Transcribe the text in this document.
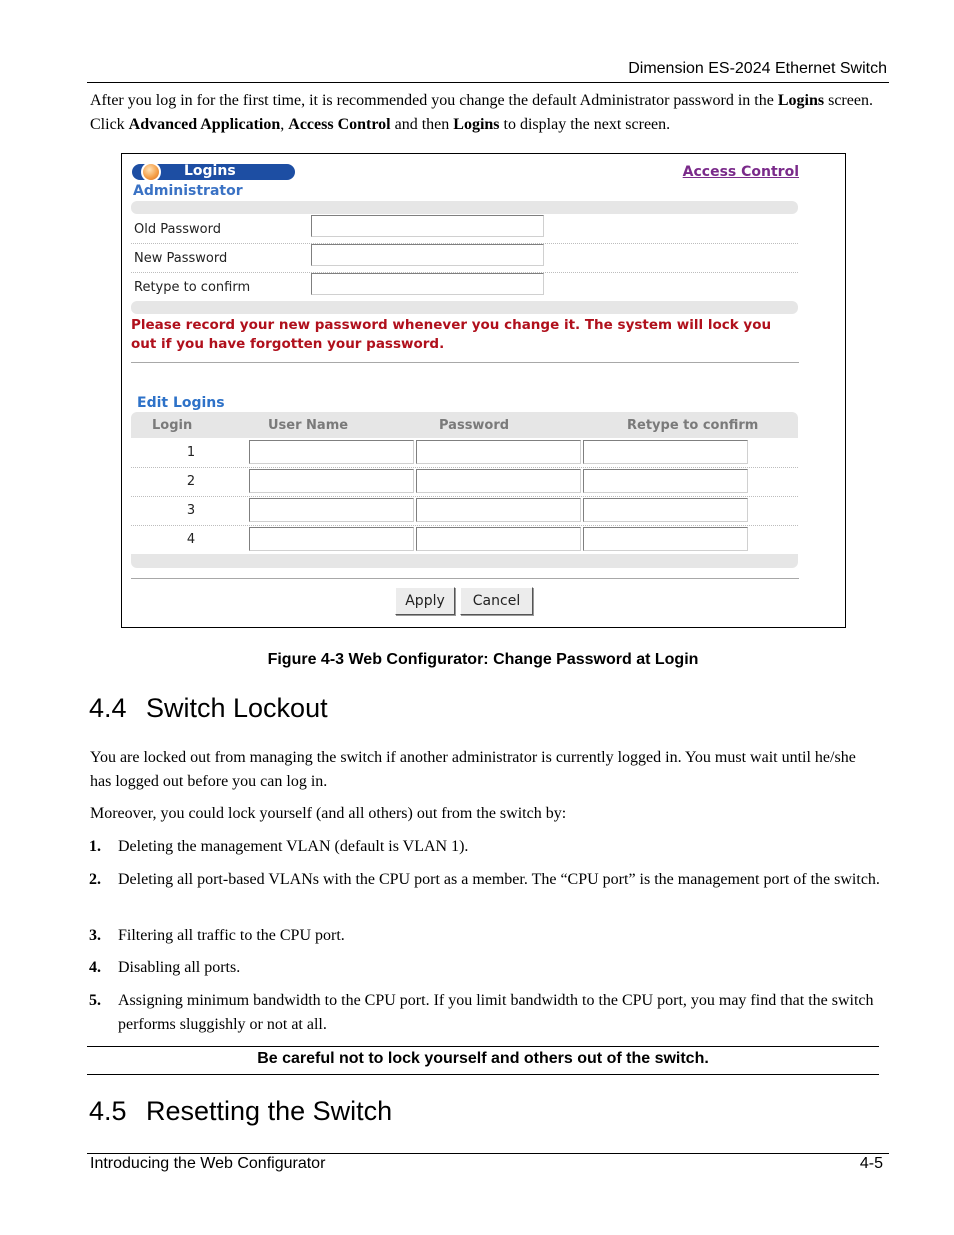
Dimension ES-2024 Ethernet Switch
After you log in for the first time, it is recommended you change the default Administrator password in the Logins screen. Click Advanced Application, Access Control and then Logins to display the next screen.
Logins
Administrator
Access Control
Old Password
New Password
Retype to confirm
Please record your new password whenever you change it. The system will lock you out if you have forgotten your password.
Edit Logins
Login	User Name	Password	Retype to confirm
1
2
3
4
Apply	Cancel
Figure 4-3 Web Configurator: Change Password at Login
4.4 Switch Lockout
You are locked out from managing the switch if another administrator is currently logged in. You must wait until he/she has logged out before you can log in.
Moreover, you could lock yourself (and all others) out from the switch by:
1. Deleting the management VLAN (default is VLAN 1).
2. Deleting all port-based VLANs with the CPU port as a member. The “CPU port” is the management port of the switch.
3. Filtering all traffic to the CPU port.
4. Disabling all ports.
5. Assigning minimum bandwidth to the CPU port. If you limit bandwidth to the CPU port, you may find that the switch performs sluggishly or not at all.
Be careful not to lock yourself and others out of the switch.
4.5 Resetting the Switch
Introducing the Web Configurator	4-5
